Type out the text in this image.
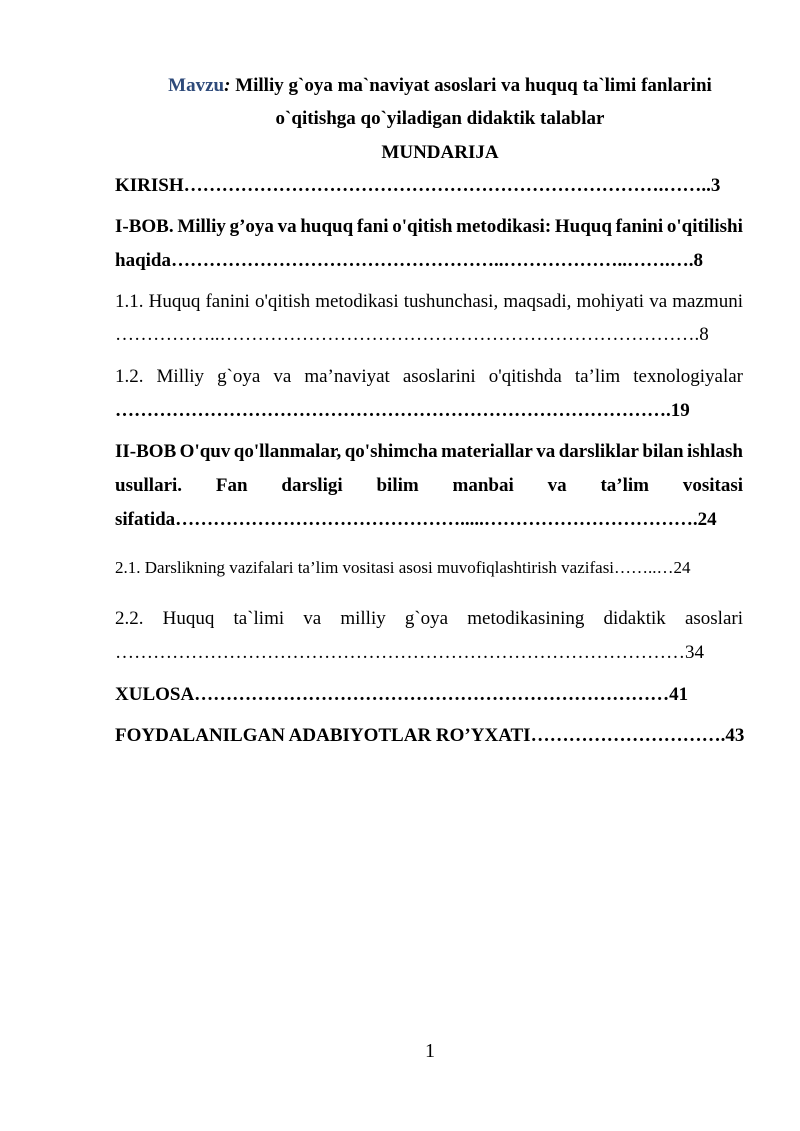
Mavzu: Milliy g`oya ma`naviyat asoslari va huquq ta`limi fanlarini
o`qitishga qo`yiladigan didaktik talablar
MUNDARIJA
KIRISH………………………………………………………………….……..3
I-BOB. Milliy g’oya va huquq fani o'qitish metodikasi: Huquq fanini o'qitilishi
haqida……………………………………………..………………..…….….8
1.1. Huquq fanini o'qitish metodikasi tushunchasi, maqsadi, mohiyati va mazmuni
……………..………………………………………………………………….8
1.2. Milliy g`oya va ma’naviyat asoslarini o'qitishda ta’lim texnologiyalar
…………………………………………………………………………….19
II-BOB O'quv qo'llanmalar, qo'shimcha materiallar va darsliklar bilan ishlash
usullari. Fan darsligi bilim manbai va ta’lim vositasi
sifatida……………………………………….....…………………………….24
2.1. Darslikning vazifalari ta’lim vositasi asosi muvofiqlashtirish vazifasi……..…24
2.2. Huquq ta`limi va milliy g`oya metodikasining didaktik asoslari
………………………………………………………………………………34
XULOSA…………………………………………………………………41
FOYDALANILGAN ADABIYOTLAR RO’YXATI………………………….43
1
